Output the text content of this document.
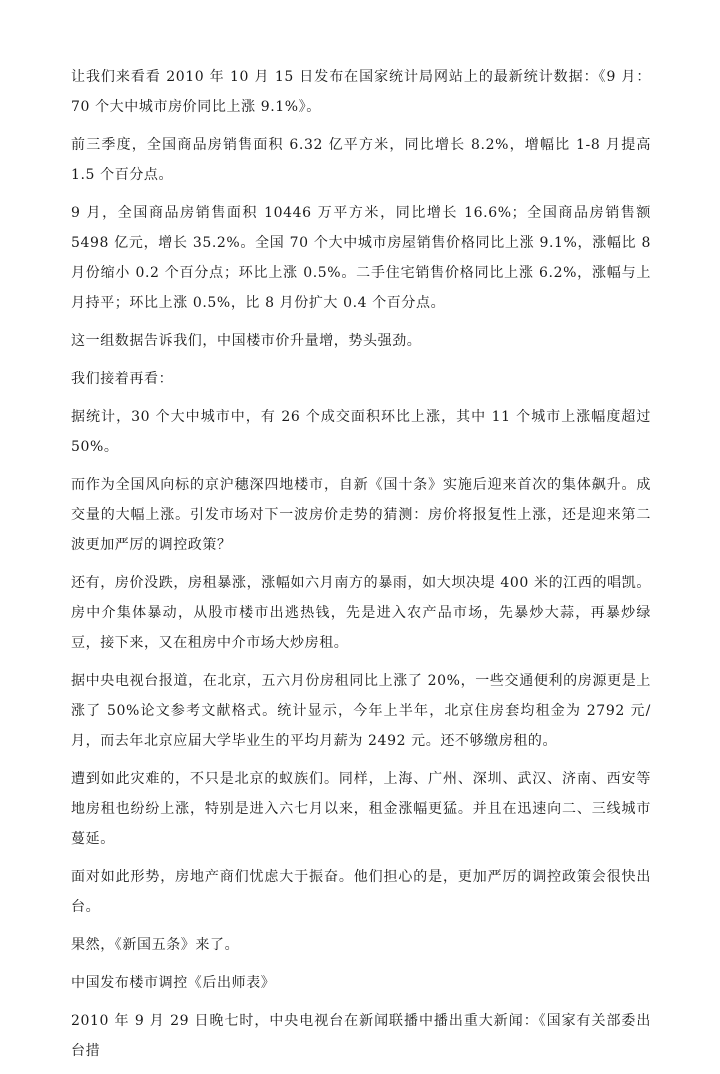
让我们来看看 2010 年 10 月 15 日发布在国家统计局网站上的最新统计数据：《9 月：70 个大中城市房价同比上涨 9.1%》。

前三季度，全国商品房销售面积 6.32 亿平方米，同比增长 8.2%，增幅比 1-8 月提高 1.5 个百分点。

9 月，全国商品房销售面积 10446 万平方米，同比增长 16.6%；全国商品房销售额 5498 亿元，增长 35.2%。全国 70 个大中城市房屋销售价格同比上涨 9.1%，涨幅比 8 月份缩小 0.2 个百分点；环比上涨 0.5%。二手住宅销售价格同比上涨 6.2%，涨幅与上月持平；环比上涨 0.5%，比 8 月份扩大 0.4 个百分点。

这一组数据告诉我们，中国楼市价升量增，势头强劲。

我们接着再看：

据统计，30 个大中城市中，有 26 个成交面积环比上涨，其中 11 个城市上涨幅度超过 50%。

而作为全国风向标的京沪穗深四地楼市，自新《国十条》实施后迎来首次的集体飙升。成交量的大幅上涨。引发市场对下一波房价走势的猜测：房价将报复性上涨，还是迎来第二波更加严厉的调控政策？

还有，房价没跌，房租暴涨，涨幅如六月南方的暴雨，如大坝决堤 400 米的江西的唱凯。房中介集体暴动，从股市楼市出逃热钱，先是进入农产品市场，先暴炒大蒜，再暴炒绿豆，接下来，又在租房中介市场大炒房租。

据中央电视台报道，在北京，五六月份房租同比上涨了 20%，一些交通便利的房源更是上涨了 50%论文参考文献格式。统计显示，今年上半年，北京住房套均租金为 2792 元/月，而去年北京应届大学毕业生的平均月薪为 2492 元。还不够缴房租的。

遭到如此灾难的，不只是北京的蚁族们。同样，上海、广州、深圳、武汉、济南、西安等地房租也纷纷上涨，特别是进入六七月以来，租金涨幅更猛。并且在迅速向二、三线城市蔓延。

面对如此形势，房地产商们忧虑大于振奋。他们担心的是，更加严厉的调控政策会很快出台。

果然，《新国五条》来了。

中国发布楼市调控《后出师表》

2010 年 9 月 29 日晚七时，中央电视台在新闻联播中播出重大新闻：《国家有关部委出台措
